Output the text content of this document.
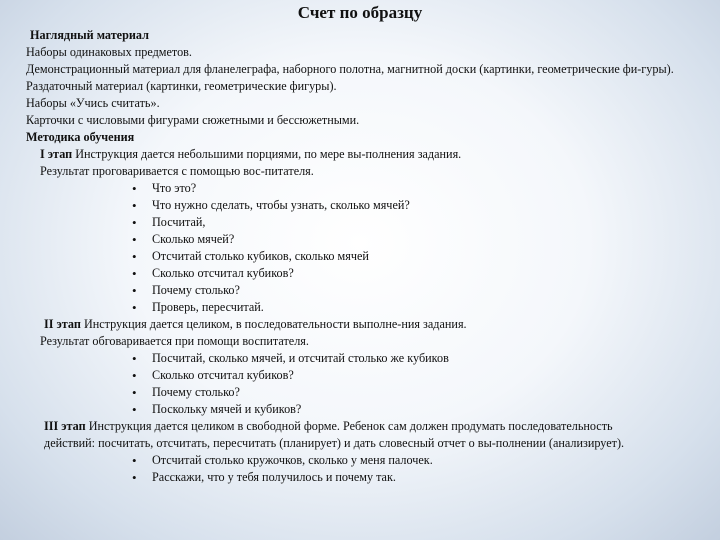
Счет по образцу

Наглядный материал

Наборы одинаковых предметов.

Демонстрационный материал для фланелеграфа, наборного полотна, магнитной доски (картинки, геометрические фи-гуры).

Раздаточный материал (картинки, геометрические фигуры).

Наборы «Учись считать».

Карточки с числовыми фигурами сюжетными и бессюжетными.

Методика обучения

I этап Инструкция дается небольшими порциями, по мере вы-полнения задания.

Результат проговаривается с помощью вос-питателя.

• Что это?

• Что нужно сделать, чтобы узнать, сколько мячей?

• Посчитай,

• Сколько мячей?

• Отсчитай столько кубиков, сколько мячей

• Сколько отсчитал кубиков?

• Почему столько?

• Проверь, пересчитай.

II этап Инструкция дается целиком, в последовательности выполне-ния задания.

Результат обговаривается при помощи воспитателя.

• Посчитай, сколько мячей, и отсчитай столько же кубиков

• Сколько отсчитал кубиков?

• Почему столько?

• Поскольку мячей и кубиков?

III этап Инструкция дается целиком в свободной форме. Ребенок сам должен продумать последовательность действий: посчитать, отсчитать, пересчитать (планирует) и дать словесный отчет о вы-полнении (анализирует).

• Отсчитай столько кружочков, сколько у меня палочек.

• Расскажи, что у тебя получилось и почему так.
